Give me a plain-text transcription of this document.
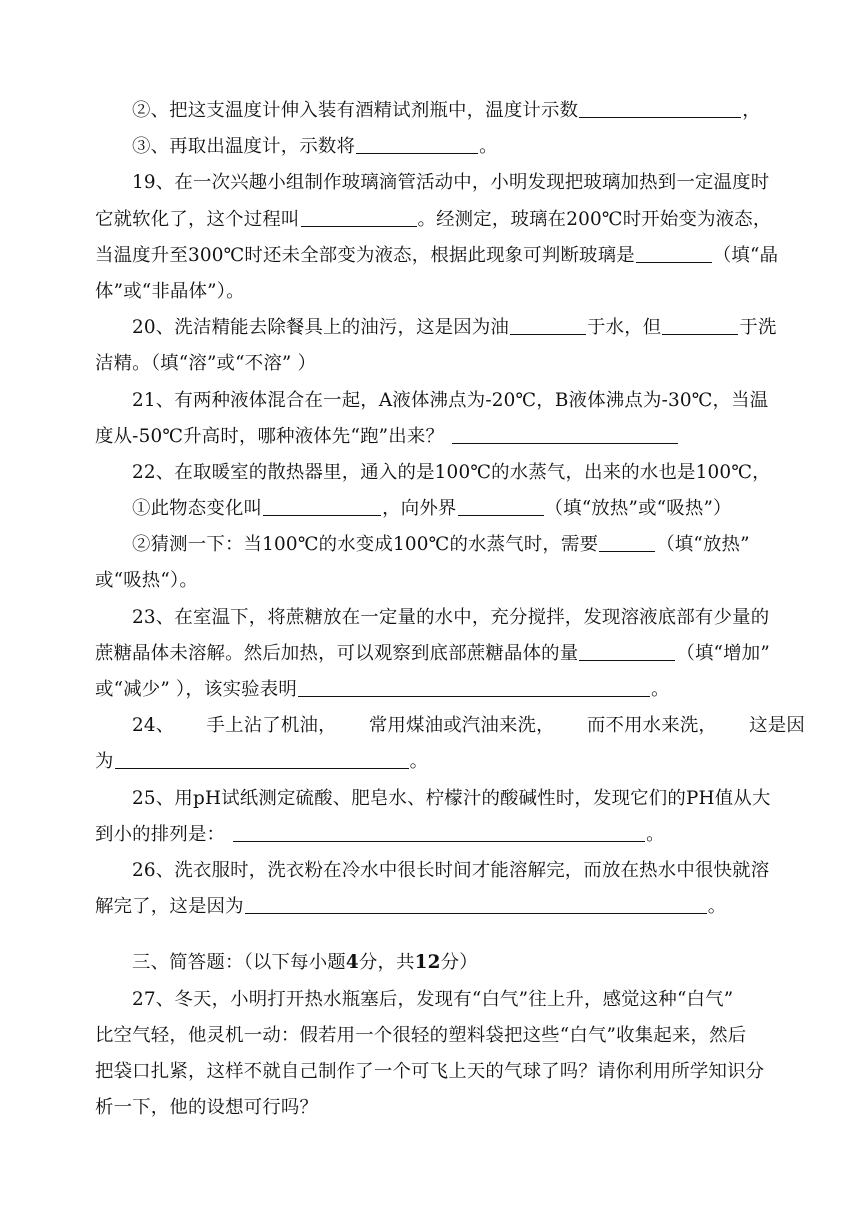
②、把这支温度计伸入装有酒精试剂瓶中，温度计示数	，
③、再取出温度计，示数将	。
19、在一次兴趣小组制作玻璃滴管活动中，小明发现把玻璃加热到一定温度时
它就软化了，这个过程叫	。经测定，玻璃在200℃时开始变为液态，
当温度升至300℃时还未全部变为液态，根据此现象可判断玻璃是	（填“晶
体”或“非晶体”）。
20、洗洁精能去除餐具上的油污，这是因为油	于水，但	于洗
洁精。（填“溶”或“不溶” ）
21、有两种液体混合在一起，A液体沸点为-20℃，B液体沸点为-30℃，当温
度从-50℃升高时，哪种液体先“跑”出来？
22、在取暖室的散热器里，通入的是100℃的水蒸气，出来的水也是100℃，
①此物态变化叫	，向外界	（填“放热”或“吸热”）
②猜测一下：当100℃的水变成100℃的水蒸气时，需要	（填“放热”
或“吸热“）。
23、在室温下，将蔗糖放在一定量的水中，充分搅拌，发现溶液底部有少量的
蔗糖晶体未溶解。然后加热，可以观察到底部蔗糖晶体的量	（填“增加”
或“减少” ），该实验表明	。
24、 手上沾了机油， 常用煤油或汽油来洗， 而不用水来洗， 这是因
为	。
25、用pH试纸测定硫酸、肥皂水、柠檬汁的酸碱性时，发现它们的PH值从大
到小的排列是：	。
26、洗衣服时，洗衣粉在冷水中很长时间才能溶解完，而放在热水中很快就溶
解完了，这是因为	。
三、简答题：（以下每小题4分，共12分）
27、冬天，小明打开热水瓶塞后，发现有“白气”往上升，感觉这种“白气”
比空气轻，他灵机一动：假若用一个很轻的塑料袋把这些“白气”收集起来，然后
把袋口扎紧，这样不就自己制作了一个可飞上天的气球了吗？请你利用所学知识分
析一下，他的设想可行吗？
